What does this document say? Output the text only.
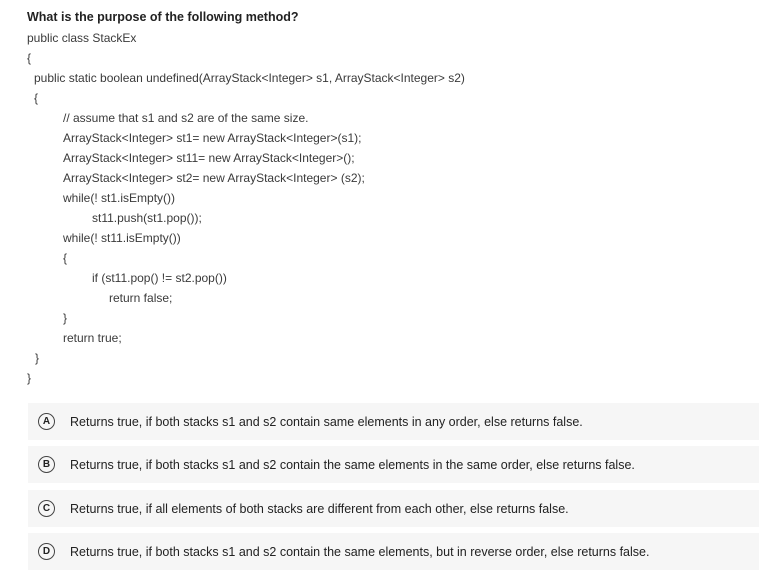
What is the purpose of the following method?
public class StackEx
{
public static boolean undefined(ArrayStack<Integer> s1, ArrayStack<Integer> s2)
{
// assume that s1 and s2 are of the same size.
ArrayStack<Integer> st1= new ArrayStack<Integer>(s1);
ArrayStack<Integer> st11= new ArrayStack<Integer>();
ArrayStack<Integer> st2= new ArrayStack<Integer> (s2);
while(! st1.isEmpty())
st11.push(st1.pop());
while(! st11.isEmpty())
{
if (st11.pop() != st2.pop())
return false;
}
return true;
}
}
A	Returns true, if both stacks s1 and s2 contain same elements in any order, else returns false.
B	Returns true, if both stacks s1 and s2 contain the same elements in the same order, else returns false.
C	Returns true, if all elements of both stacks are different from each other, else returns false.
D	Returns true, if both stacks s1 and s2 contain the same elements, but in reverse order, else returns false.
